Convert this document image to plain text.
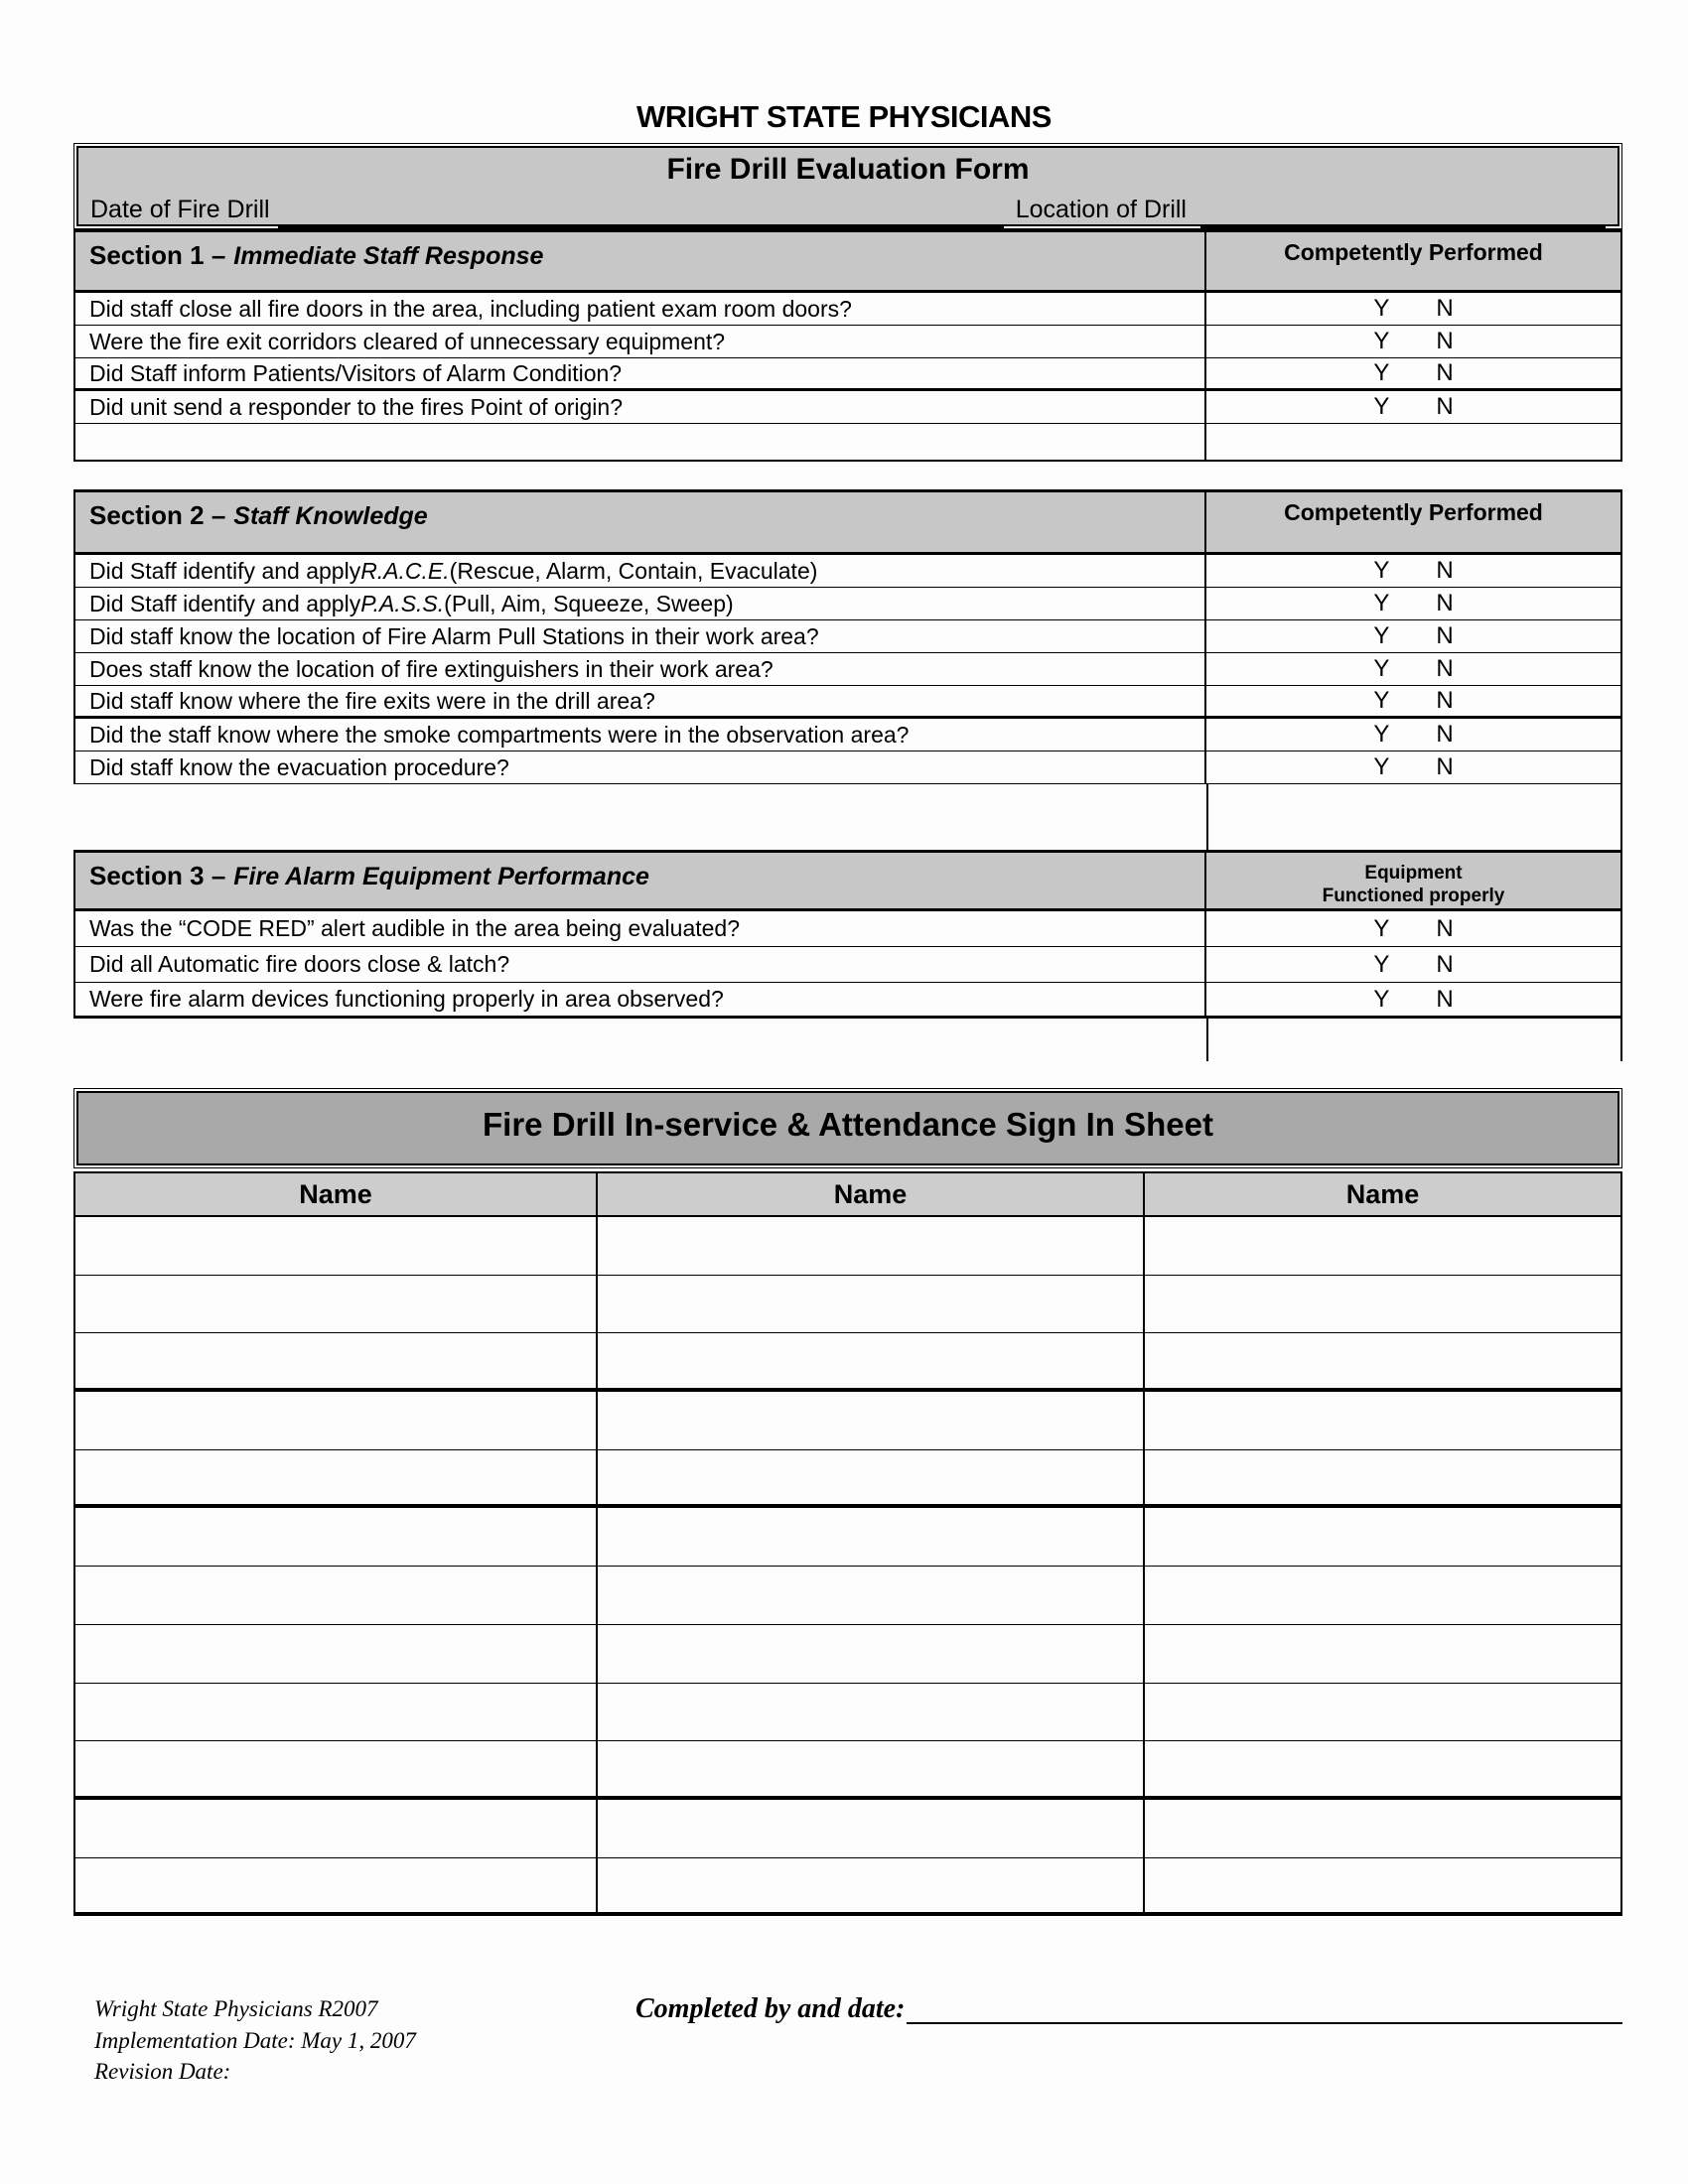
WRIGHT STATE PHYSICIANS
Fire Drill Evaluation Form
Date of Fire Drill	Location of Drill
Section 1 – Immediate Staff Response	Competently Performed
Did staff close all fire doors in the area, including patient exam room doors?	Y N
Were the fire exit corridors cleared of unnecessary equipment?	Y N
Did Staff inform Patients/Visitors of Alarm Condition?	Y N
Did unit send a responder to the fires Point of origin?	Y N
Section 2 – Staff Knowledge	Competently Performed
Did Staff identify and apply R.A.C.E. (Rescue, Alarm, Contain, Evaculate)	Y N
Did Staff identify and apply P.A.S.S. (Pull, Aim, Squeeze, Sweep)	Y N
Did staff know the location of Fire Alarm Pull Stations in their work area?	Y N
Does staff know the location of fire extinguishers in their work area?	Y N
Did staff know where the fire exits were in the drill area?	Y N
Did the staff know where the smoke compartments were in the observation area?	Y N
Did staff know the evacuation procedure?	Y N
Section 3 – Fire Alarm Equipment Performance	Equipment
Functioned properly
Was the “CODE RED” alert audible in the area being evaluated?	Y N
Did all Automatic fire doors close & latch?	Y N
Were fire alarm devices functioning properly in area observed?	Y N
Fire Drill In-service & Attendance Sign In Sheet
Name	Name	Name
Wright State Physicians R2007
Implementation Date: May 1, 2007
Revision Date:
Completed by and date:
